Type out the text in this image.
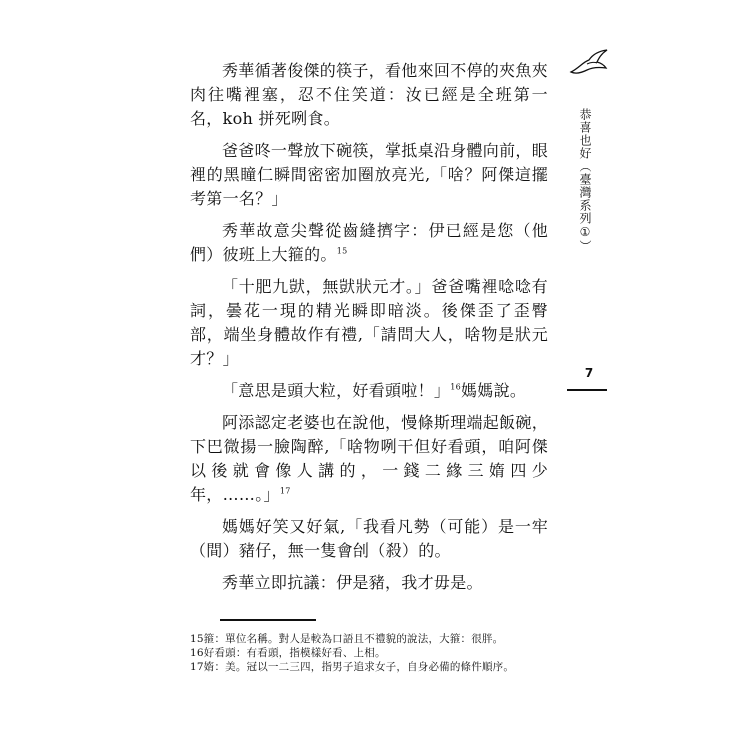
秀華循著俊傑的筷子，看他來回不停的夾魚夾肉往嘴裡塞，忍不住笑道：汝已經是全班第一名，koh 拼死咧食。

爸爸咚一聲放下碗筷，掌抵桌沿身體向前，眼裡的黑瞳仁瞬間密密加圈放亮光,「啥？阿傑這擺考第一名？」

秀華故意尖聲從齒縫擠字：伊已經是您（他們）彼班上大箍的。$^{15}$

「十肥九獃，無獃狀元才。」爸爸嘴裡唸唸有詞，曇花一現的精光瞬即暗淡。後傑歪了歪臀部，端坐身體故作有禮,「請問大人，啥物是狀元才？」

「意思是頭大粒，好看頭啦！」$^{16}$媽媽說。

阿添認定老婆也在說他，慢條斯理端起飯碗，下巴微揚一臉陶醉,「啥物咧干但好看頭，咱阿傑以後就會像人講的，一錢二緣三媠四少年，……。」$^{17}$

媽媽好笑又好氣,「我看凡勢（可能）是一牢（間）豬仔，無一隻會刣（殺）的。

秀華立即抗議：伊是豬，我才毋是。

15箍：單位名稱。對人是較為口語且不禮貌的說法，大箍：很胖。

16好看頭：有看頭，指模樣好看、上相。

17媠：美。冠以一二三四，指男子追求女子，自身必備的條件順序。

恭喜也好（臺灣系列①）
7
